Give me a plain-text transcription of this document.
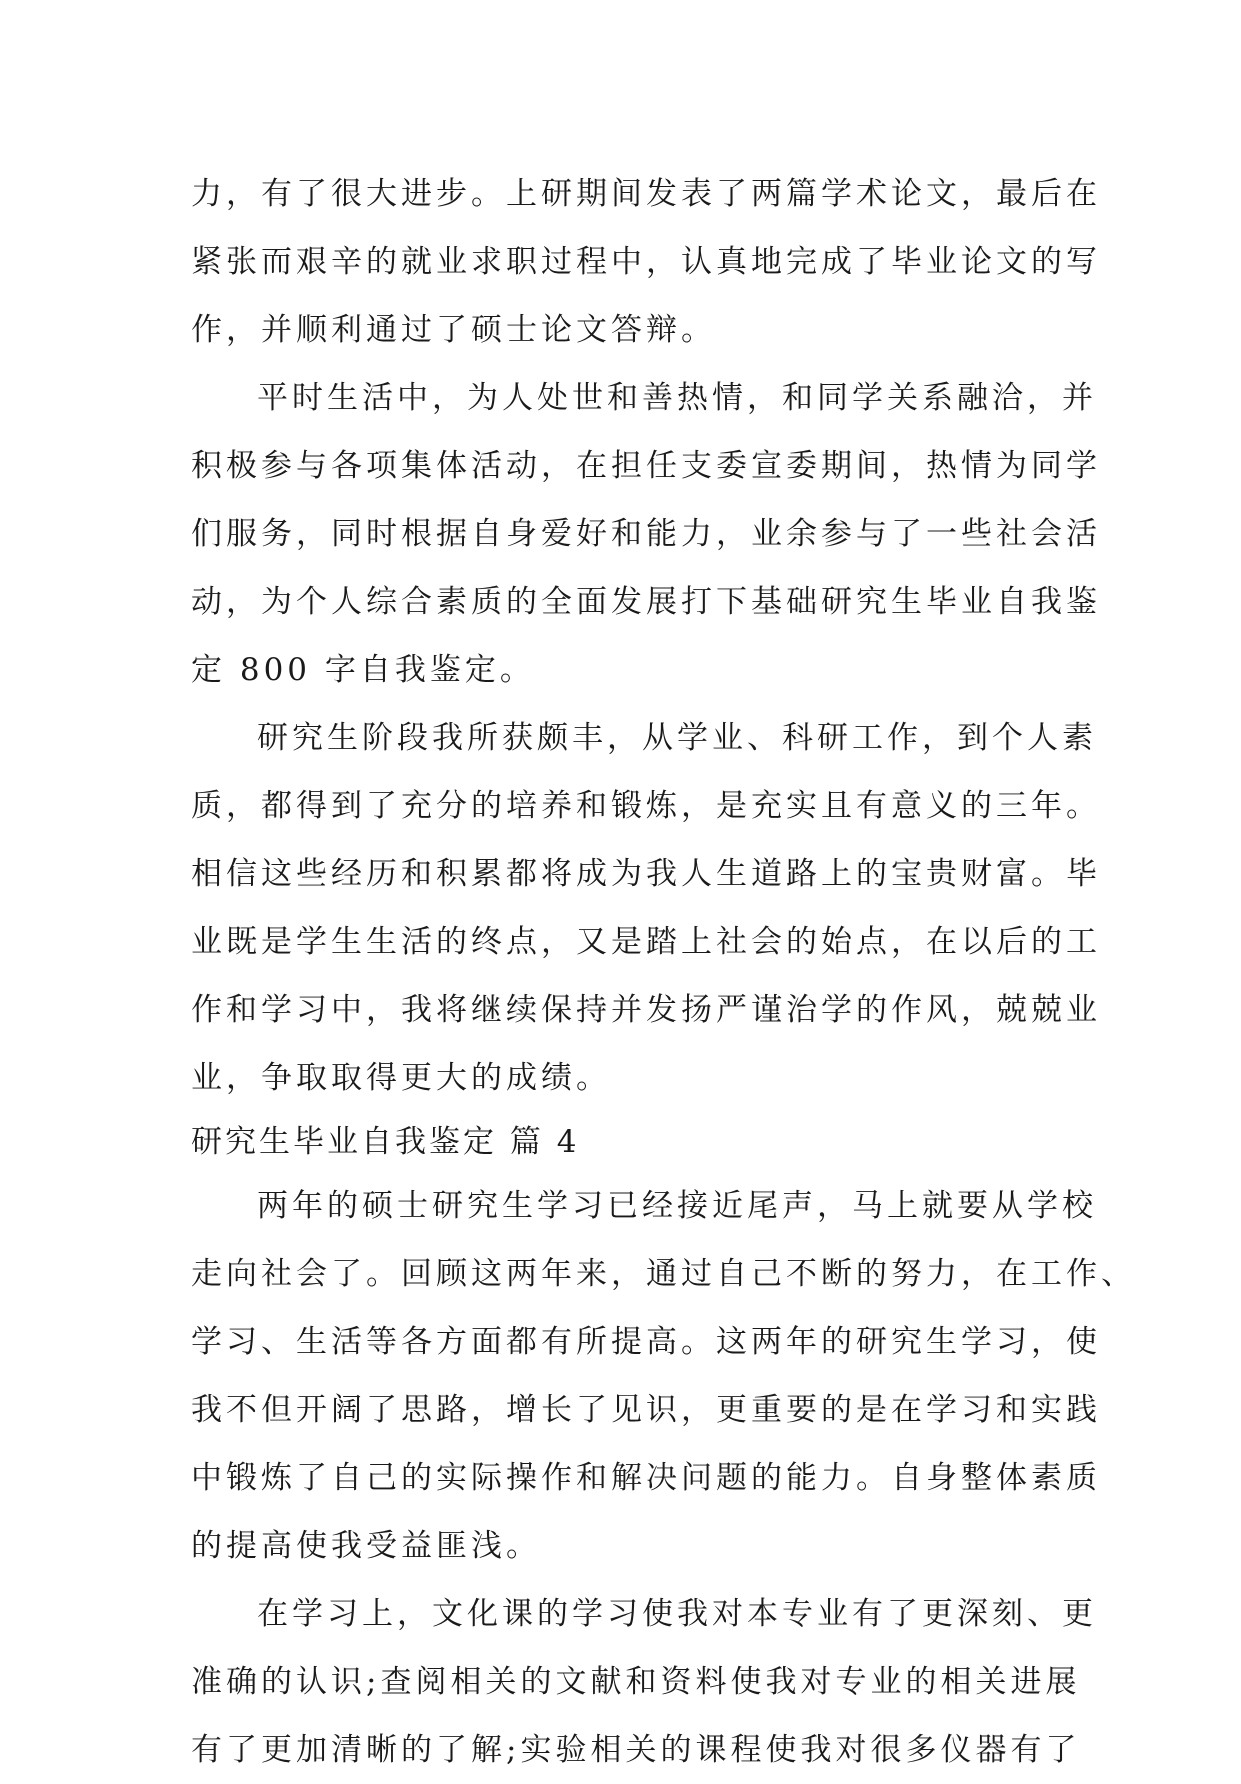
力，有了很大进步。上研期间发表了两篇学术论文，最后在
紧张而艰辛的就业求职过程中，认真地完成了毕业论文的写
作，并顺利通过了硕士论文答辩。
平时生活中，为人处世和善热情，和同学关系融洽，并
积极参与各项集体活动，在担任支委宣委期间，热情为同学
们服务，同时根据自身爱好和能力，业余参与了一些社会活
动，为个人综合素质的全面发展打下基础研究生毕业自我鉴
定 800 字自我鉴定。
研究生阶段我所获颇丰，从学业、科研工作，到个人素
质，都得到了充分的培养和锻炼，是充实且有意义的三年。
相信这些经历和积累都将成为我人生道路上的宝贵财富。毕
业既是学生生活的终点，又是踏上社会的始点，在以后的工
作和学习中，我将继续保持并发扬严谨治学的作风，兢兢业
业，争取取得更大的成绩。
研究生毕业自我鉴定 篇 4
两年的硕士研究生学习已经接近尾声，马上就要从学校
走向社会了。回顾这两年来，通过自己不断的努力，在工作、
学习、生活等各方面都有所提高。这两年的研究生学习，使
我不但开阔了思路，增长了见识，更重要的是在学习和实践
中锻炼了自己的实际操作和解决问题的能力。自身整体素质
的提高使我受益匪浅。
在学习上，文化课的学习使我对本专业有了更深刻、更
准确的认识;查阅相关的文献和资料使我对专业的相关进展
有了更加清晰的了解;实验相关的课程使我对很多仪器有了
